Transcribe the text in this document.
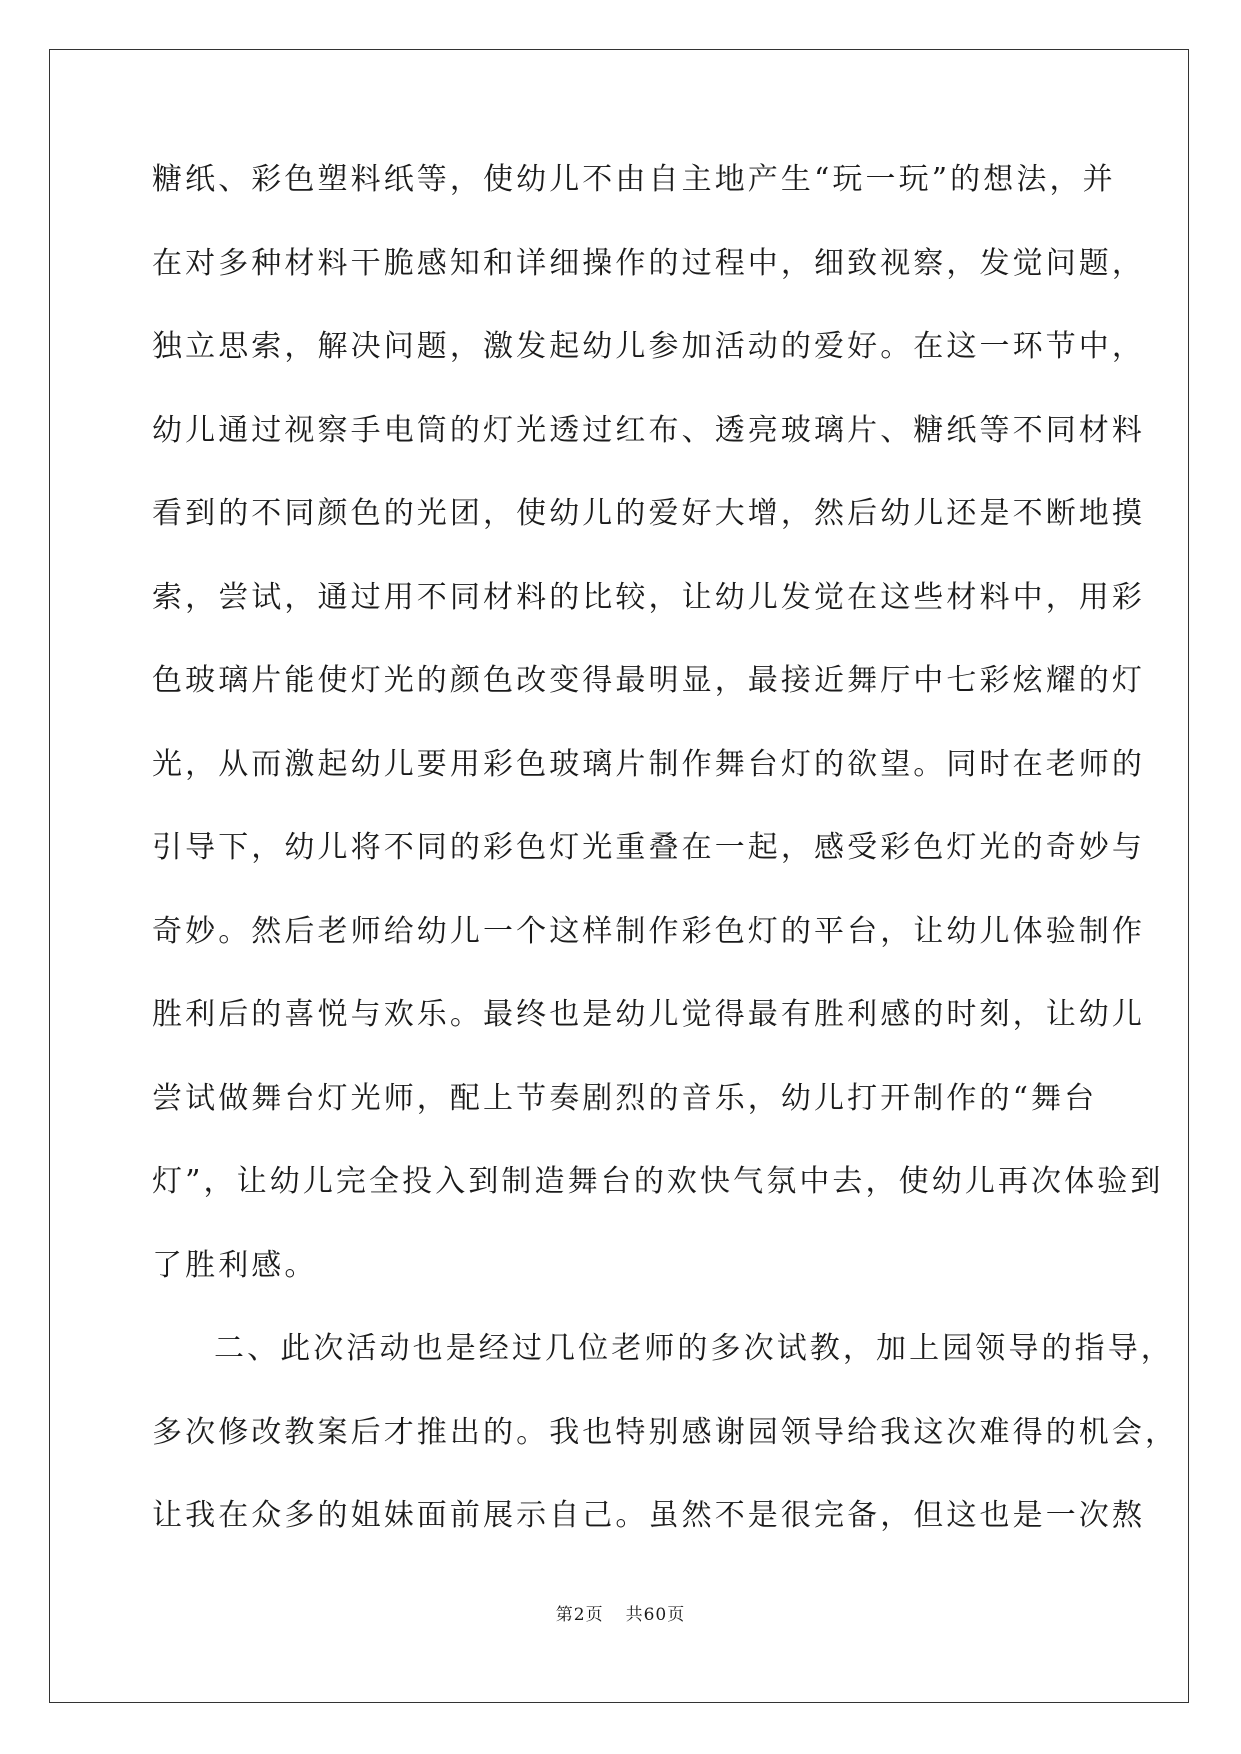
糖纸、彩色塑料纸等，使幼儿不由自主地产生“玩一玩”的想法，并
在对多种材料干脆感知和详细操作的过程中，细致视察，发觉问题，
独立思索，解决问题，激发起幼儿参加活动的爱好。在这一环节中，
幼儿通过视察手电筒的灯光透过红布、透亮玻璃片、糖纸等不同材料
看到的不同颜色的光团，使幼儿的爱好大增，然后幼儿还是不断地摸
索，尝试，通过用不同材料的比较，让幼儿发觉在这些材料中，用彩
色玻璃片能使灯光的颜色改变得最明显，最接近舞厅中七彩炫耀的灯
光，从而激起幼儿要用彩色玻璃片制作舞台灯的欲望。同时在老师的
引导下，幼儿将不同的彩色灯光重叠在一起，感受彩色灯光的奇妙与
奇妙。然后老师给幼儿一个这样制作彩色灯的平台，让幼儿体验制作
胜利后的喜悦与欢乐。最终也是幼儿觉得最有胜利感的时刻，让幼儿
尝试做舞台灯光师，配上节奏剧烈的音乐，幼儿打开制作的“舞台
灯”，让幼儿完全投入到制造舞台的欢快气氛中去，使幼儿再次体验到
了胜利感。
二、此次活动也是经过几位老师的多次试教，加上园领导的指导，
多次修改教案后才推出的。我也特别感谢园领导给我这次难得的机会，
让我在众多的姐妹面前展示自己。虽然不是很完备，但这也是一次熬
第2页 共60页
